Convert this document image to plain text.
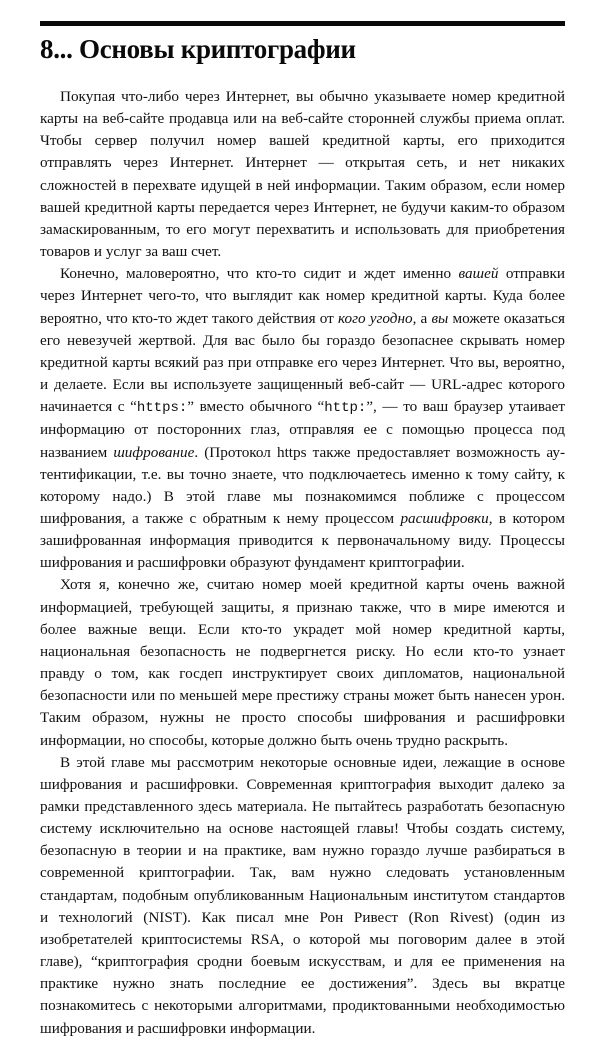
8... Основы криптографии

Покупая что-либо через Интернет, вы обычно указываете номер кредитной карты на веб-сайте продавца или на веб-сайте сторонней службы приема оплат. Чтобы сервер получил номер вашей кредитной карты, его приходится отправлять через Интернет. Интернет — открытая сеть, и нет никаких сложностей в перехвате идущей в ней информации. Таким образом, если номер вашей кредитной карты передается через Интернет, не будучи каким-то образом замаскированным, то его могут перехватить и использовать для приобретения товаров и услуг за ваш счет.

Конечно, маловероятно, что кто-то сидит и ждет именно вашей отправки через Интернет чего-то, что выглядит как номер кредитной карты. Куда более вероятно, что кто-то ждет такого действия от кого угодно, а вы можете оказаться его невезучей жертвой. Для вас было бы гораздо безопаснее скрывать номер кредитной карты всякий раз при отправке его через Интернет. Что вы, вероятно, и делаете. Если вы используете защищенный веб-сайт — URL-адрес которого начинается с “https:” вместо обычного “http:”, — то ваш браузер утаивает информацию от посторонних глаз, отправляя ее с помощью процесса под названием шифрование. (Протокол https также предоставляет возможность аутентификации, т.е. вы точно знаете, что подключаетесь именно к тому сайту, к которому надо.) В этой главе мы познакомимся поближе с процессом шифрования, а также с обратным к нему процессом расшифровки, в котором зашифрованная информация приводится к первоначальному виду. Процессы шифрования и расшифровки образуют фундамент криптографии.

Хотя я, конечно же, считаю номер моей кредитной карты очень важной информацией, требующей защиты, я признаю также, что в мире имеются и более важные вещи. Если кто-то украдет мой номер кредитной карты, национальная безопасность не подвергнется риску. Но если кто-то узнает правду о том, как госдеп инструктирует своих дипломатов, национальной безопасности или по меньшей мере престижу страны может быть нанесен урон. Таким образом, нужны не просто способы шифрования и расшифровки информации, но способы, которые должно быть очень трудно раскрыть.

В этой главе мы рассмотрим некоторые основные идеи, лежащие в основе шифрования и расшифровки. Современная криптография выходит далеко за рамки представленного здесь материала. Не пытайтесь разработать безопасную систему исключительно на основе настоящей главы! Чтобы создать систему, безопасную в теории и на практике, вам нужно гораздо лучше разбираться в современной криптографии. Так, вам нужно следовать установленным стандартам, подобным опубликованным Национальным институтом стандартов и технологий (NIST). Как писал мне Рон Ривест (Ron Rivest) (один из изобретателей криптосистемы RSA, о которой мы поговорим далее в этой главе), “криптография сродни боевым искусствам, и для ее применения на практике нужно знать последние ее достижения”. Здесь вы вкратце познакомитесь с некоторыми алгоритмами, продиктованными необходимостью шифрования и расшифровки информации.
